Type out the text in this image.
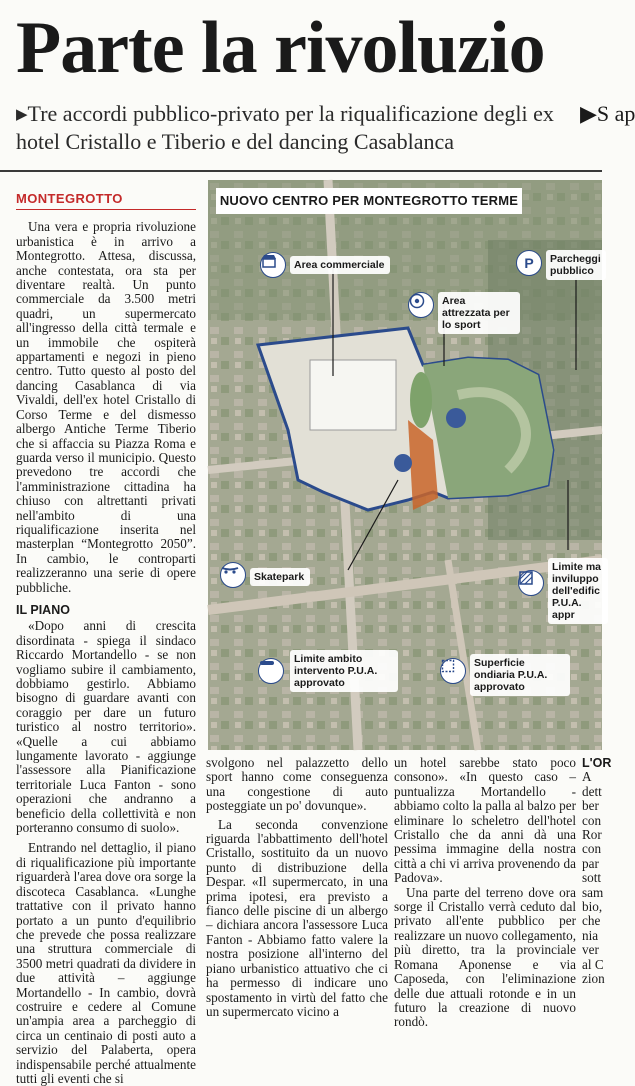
Parte la rivoluzio
▶Tre accordi pubblico-privato per la riqualificazione degli ex hotel Cristallo e Tiberio e del dancing Casablanca
▶S ap
MONTEGROTTO

Una vera e propria rivoluzione urbanistica è in arrivo a Montegrotto. Attesa, discussa, anche contestata, ora sta per diventare realtà. Un punto commerciale da 3.500 metri quadri, un supermercato all'ingresso della città termale e un immobile che ospiterà appartamenti e negozi in pieno centro. Tutto questo al posto del dancing Casablanca di via Vivaldi, dell'ex hotel Cristallo di Corso Terme e del dismesso albergo Antiche Terme Tiberio che si affaccia su Piazza Roma e guarda verso il municipio. Questo prevedono tre accordi che l'amministrazione cittadina ha chiuso con altrettanti privati nell'ambito di una riqualificazione inserita nel masterplan “Montegrotto 2050”. In cambio, le controparti realizzeranno una serie di opere pubbliche.

IL PIANO

«Dopo anni di crescita disordinata - spiega il sindaco Riccardo Mortandello - se non vogliamo subire il cambiamento, dobbiamo gestirlo. Abbiamo bisogno di guardare avanti con coraggio per dare un futuro turistico al nostro territorio». «Quelle a cui abbiamo lungamente lavorato - aggiunge l'assessore alla Pianificazione territoriale Luca Fanton - sono operazioni che andranno a beneficio della collettività e non porteranno consumo di suolo».

Entrando nel dettaglio, il piano di riqualificazione più importante riguarderà l'area dove ora sorge la discoteca Casablanca. «Lunghe trattative con il privato hanno portato a un punto d'equilibrio che prevede che possa realizzare una struttura commerciale di 3500 metri quadrati da dividere in due attività – aggiunge Mortandello - In cambio, dovrà costruire e cedere al Comune un'ampia area a parcheggio di circa un centinaio di posti auto a servizio del Palaberta, opera indispensabile perché attualmente tutti gli eventi che si

NUOVO CENTRO PER MONTEGROTTO TERME
Area commerciale	P	Parcheggi pubblico
Area attrezzata per lo sport
Skatepark
Limite ma inviluppo dell'edific P.U.A. appr
Limite ambito intervento P.U.A. approvato
Superficie ondiaria P.U.A. approvato

svolgono nel palazzetto dello sport hanno come conseguenza una congestione di auto posteggiate un po' dovunque».

La seconda convenzione riguarda l'abbattimento dell'hotel Cristallo, sostituito da un nuovo punto di distribuzione della Despar. «Il supermercato, in una prima ipotesi, era previsto a fianco delle piscine di un albergo – dichiara ancora l'assessore Luca Fanton - Abbiamo fatto valere la nostra posizione all'interno del piano urbanistico attuativo che ci ha permesso di indicare uno spostamento in virtù del fatto che un supermercato vicino a

un hotel sarebbe stato poco consono». «In questo caso – puntualizza Mortandello - abbiamo colto la palla al balzo per eliminare lo scheletro dell'hotel Cristallo che da anni dà una pessima immagine della nostra città a chi vi arriva provenendo da Padova».

Una parte del terreno dove ora sorge il Cristallo verrà ceduto dal privato all'ente pubblico per realizzare un nuovo collegamento, più diretto, tra la provinciale Romana Aponense e via Caposeda, con l'eliminazione delle due attuali rotonde e in un futuro la creazione di nuovo rondò.

L'OR
A
dett
ber
con
Ror
con
par
sott
sam
bio,
che
nia
ver
al C
zion
